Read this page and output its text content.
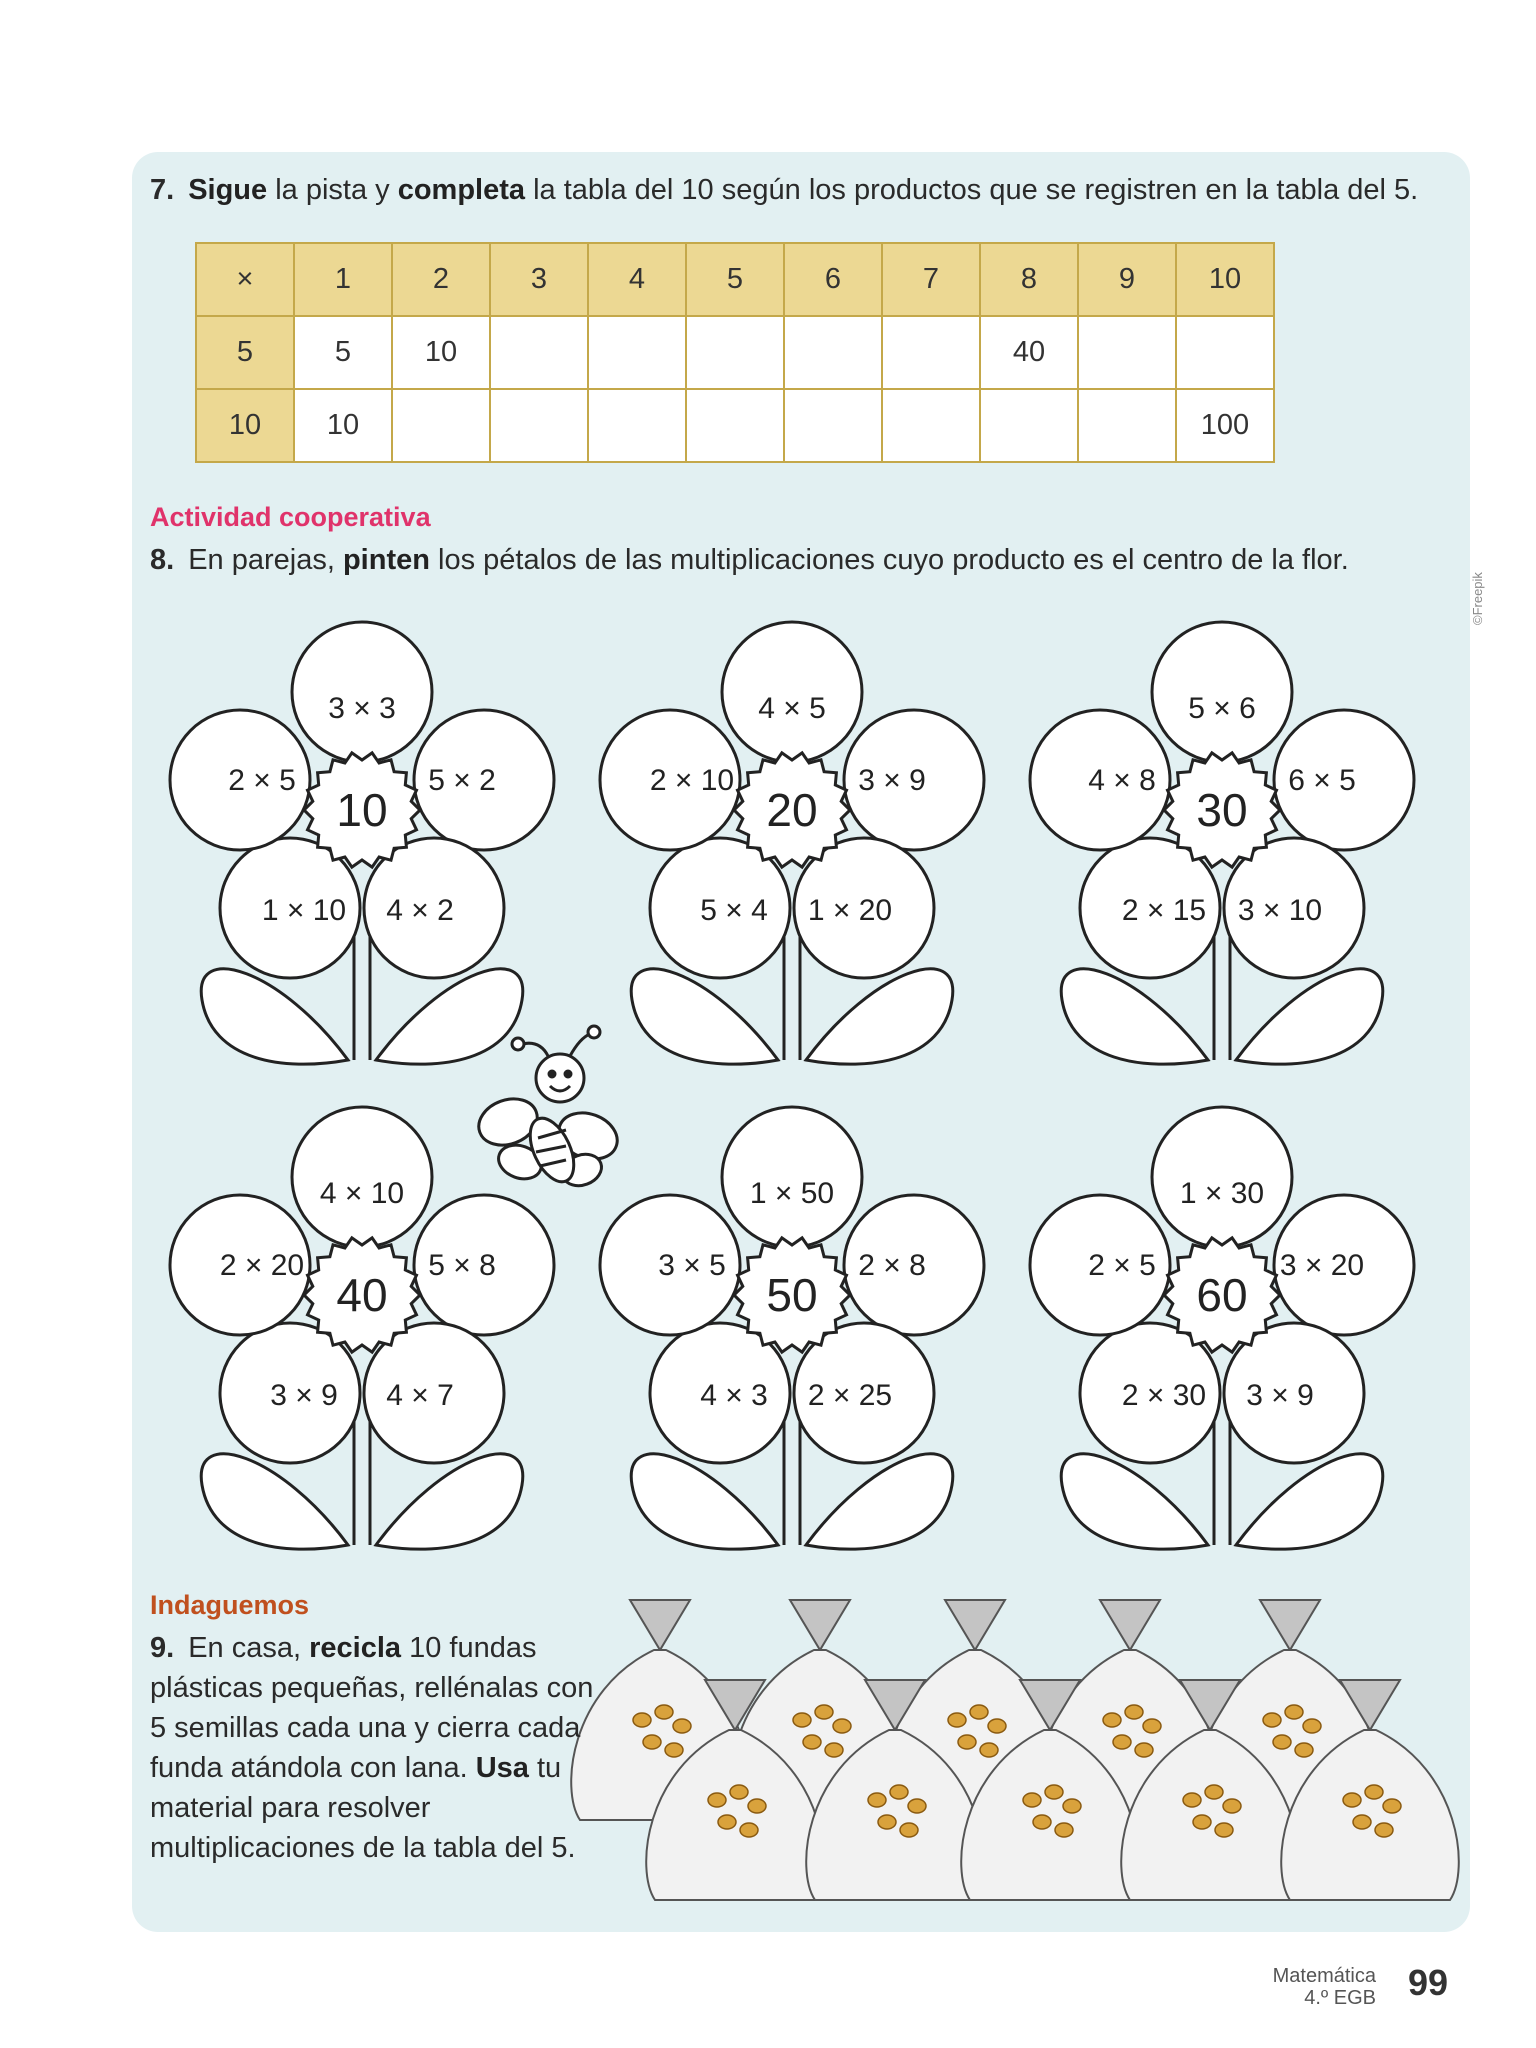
7. Sigue la pista y completa la tabla del 10 según los productos que se registren en la tabla del 5.
×	1	2	3	4	5	6	7	8	9	10
5	5	10						40		
10	10									100
Actividad cooperativa
8. En parejas, pinten los pétalos de las multiplicaciones cuyo producto es el centro de la flor.
©Freepik
3 × 3
5 × 2
4 × 2
1 × 10
2 × 5
10
4 × 5
3 × 9
1 × 20
5 × 4
2 × 10
20
5 × 6
6 × 5
3 × 10
2 × 15
4 × 8
30
4 × 10
5 × 8
4 × 7
3 × 9
2 × 20
40
1 × 50
2 × 8
2 × 25
4 × 3
3 × 5
50
1 × 30
3 × 20
3 × 9
2 × 30
2 × 5
60
Indaguemos
9. En casa, recicla 10 fundas plásticas pequeñas, rellénalas con 5 semillas cada una y cierra cada funda atándola con lana. Usa tu material para resolver multiplicaciones de la tabla del 5.
Matemática
4.º EGB 99
